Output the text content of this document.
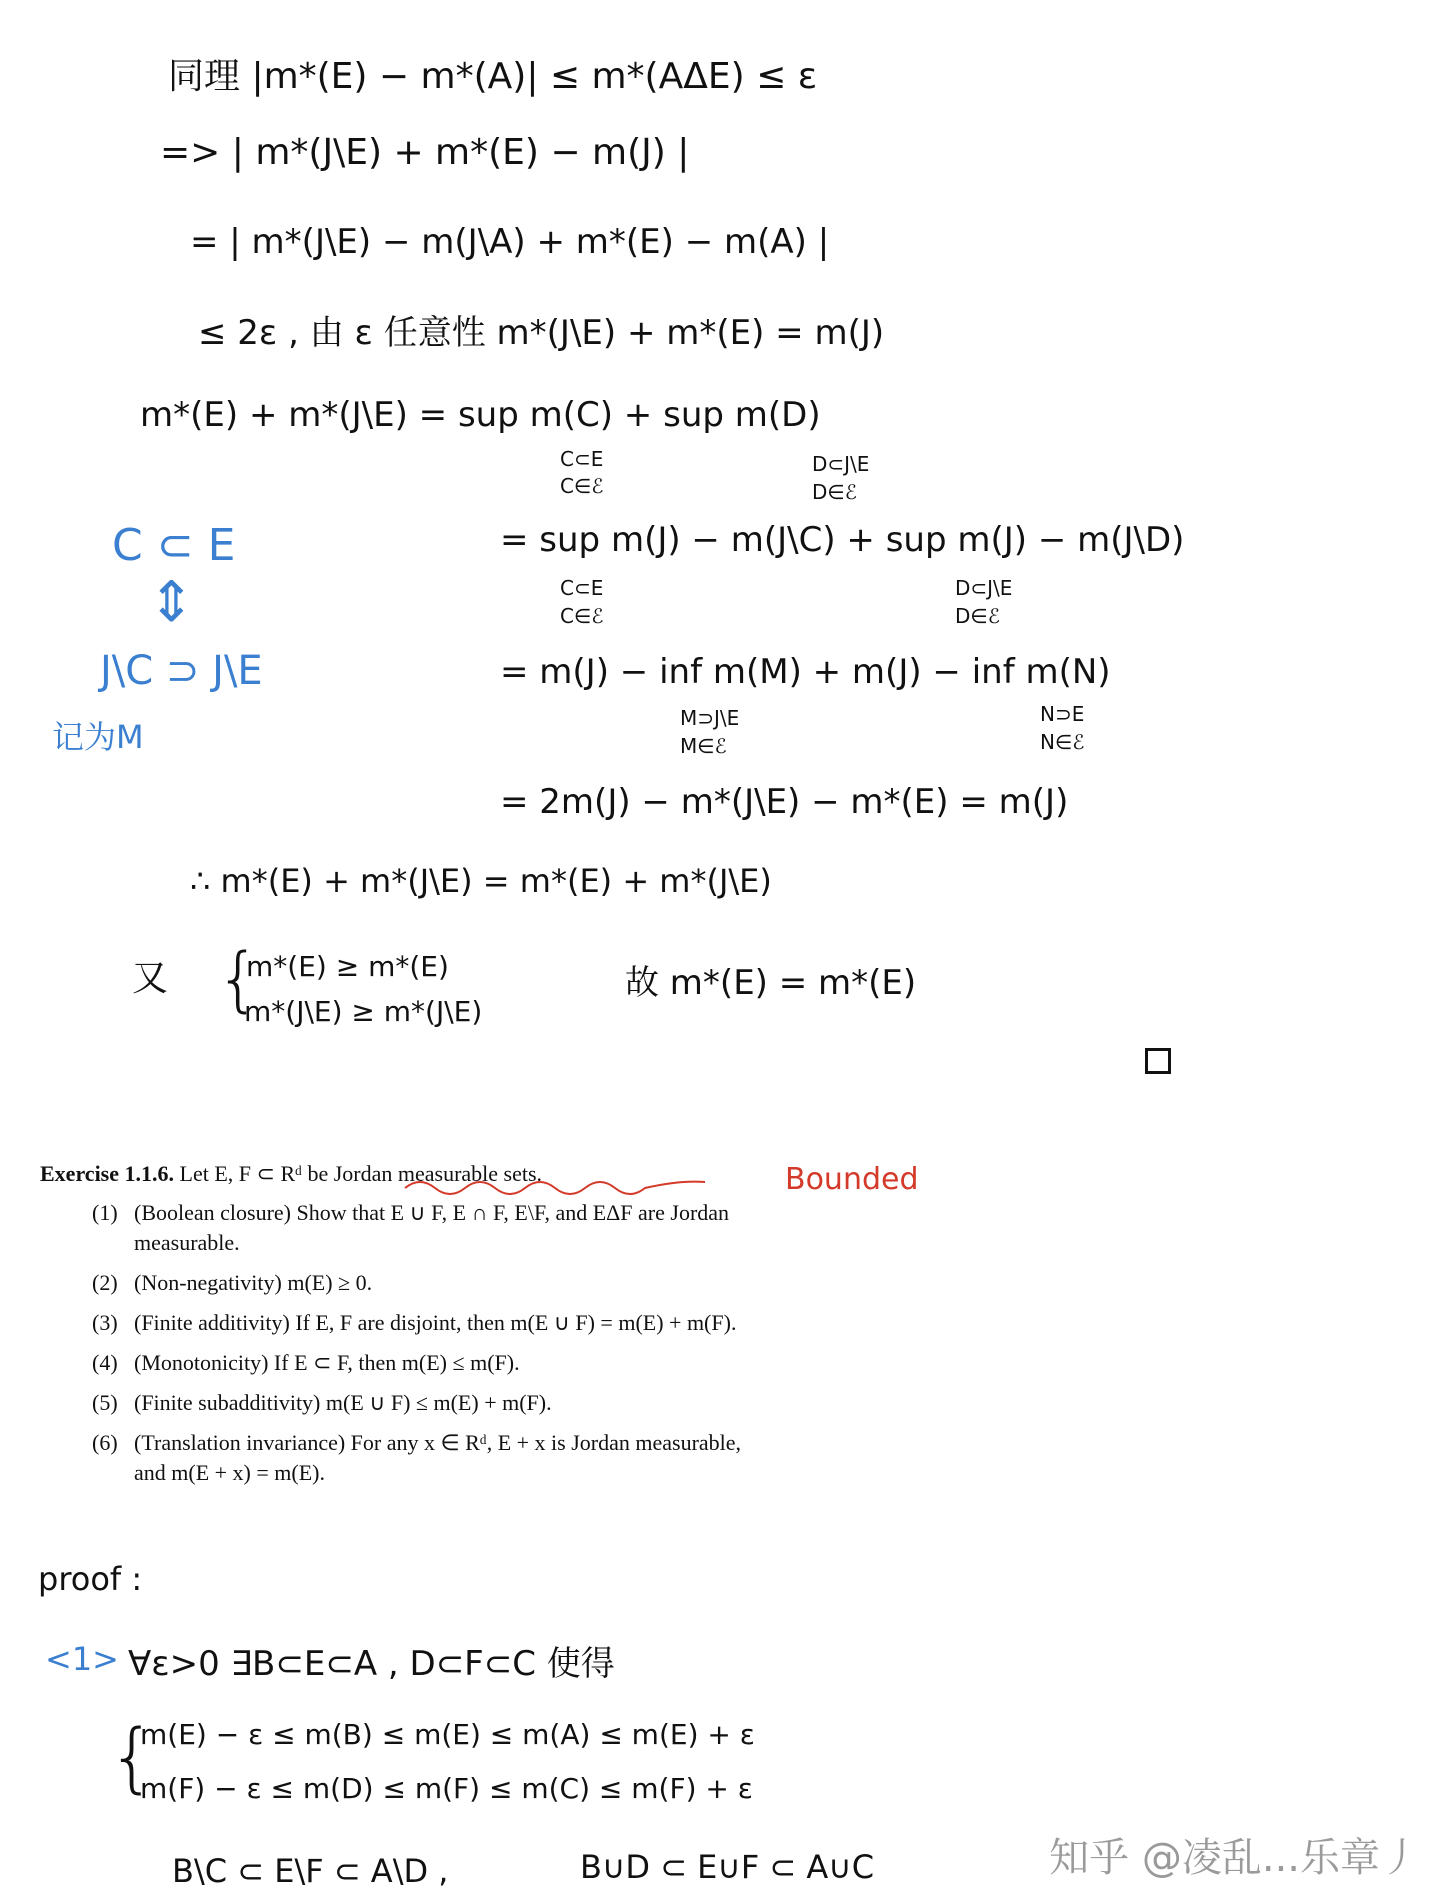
同理 |m*(E) − m*(A)| ≤ m*(AΔE) ≤ ε
=> | m*(J\E) + m*(E) − m(J) |
= | m*(J\E) − m(J\A) + m*(E) − m(A) |
≤ 2ε , 由 ε 任意性 m*(J\E) + m*(E) = m(J)
m*(E) + m*(J\E) = sup m(C) + sup m(D)
C⊂E
C∈ℰ
D⊂J\E
D∈ℰ
= sup m(J) − m(J\C) + sup m(J) − m(J\D)
C⊂E
C∈ℰ
D⊂J\E
D∈ℰ
= m(J) − inf m(M) + m(J) − inf m(N)
M⊃J\E
M∈ℰ
N⊃E
N∈ℰ
= 2m(J) − m*(J\E) − m*(E) = m(J)
∴ m*(E) + m*(J\E) = m*(E) + m*(J\E)
又 {
m*(E) ≥ m*(E)
m*(J\E) ≥ m*(J\E)
故 m*(E) = m*(E)
C ⊂ E
⇕
J\C ⊃ J\E
记为M
Exercise 1.1.6. Let E, F ⊂ Rᵈ be Jordan measurable sets.	Bounded
(1) (Boolean closure) Show that E ∪ F, E ∩ F, E\F, and EΔF are Jordan measurable.
(2) (Non-negativity) m(E) ≥ 0.
(3) (Finite additivity) If E, F are disjoint, then m(E ∪ F) = m(E) + m(F).
(4) (Monotonicity) If E ⊂ F, then m(E) ≤ m(F).
(5) (Finite subadditivity) m(E ∪ F) ≤ m(E) + m(F).
(6) (Translation invariance) For any x ∈ Rᵈ, E + x is Jordan measurable, and m(E + x) = m(E).
proof :
<1> ∀ε>0 ∃B⊂E⊂A , D⊂F⊂C 使得
{
m(E) − ε ≤ m(B) ≤ m(E) ≤ m(A) ≤ m(E) + ε
m(F) − ε ≤ m(D) ≤ m(F) ≤ m(C) ≤ m(F) + ε
B\C ⊂ E\F ⊂ A\D ,	B∪D ⊂ E∪F ⊂ A∪C	知乎 @凌乱...乐章丿
